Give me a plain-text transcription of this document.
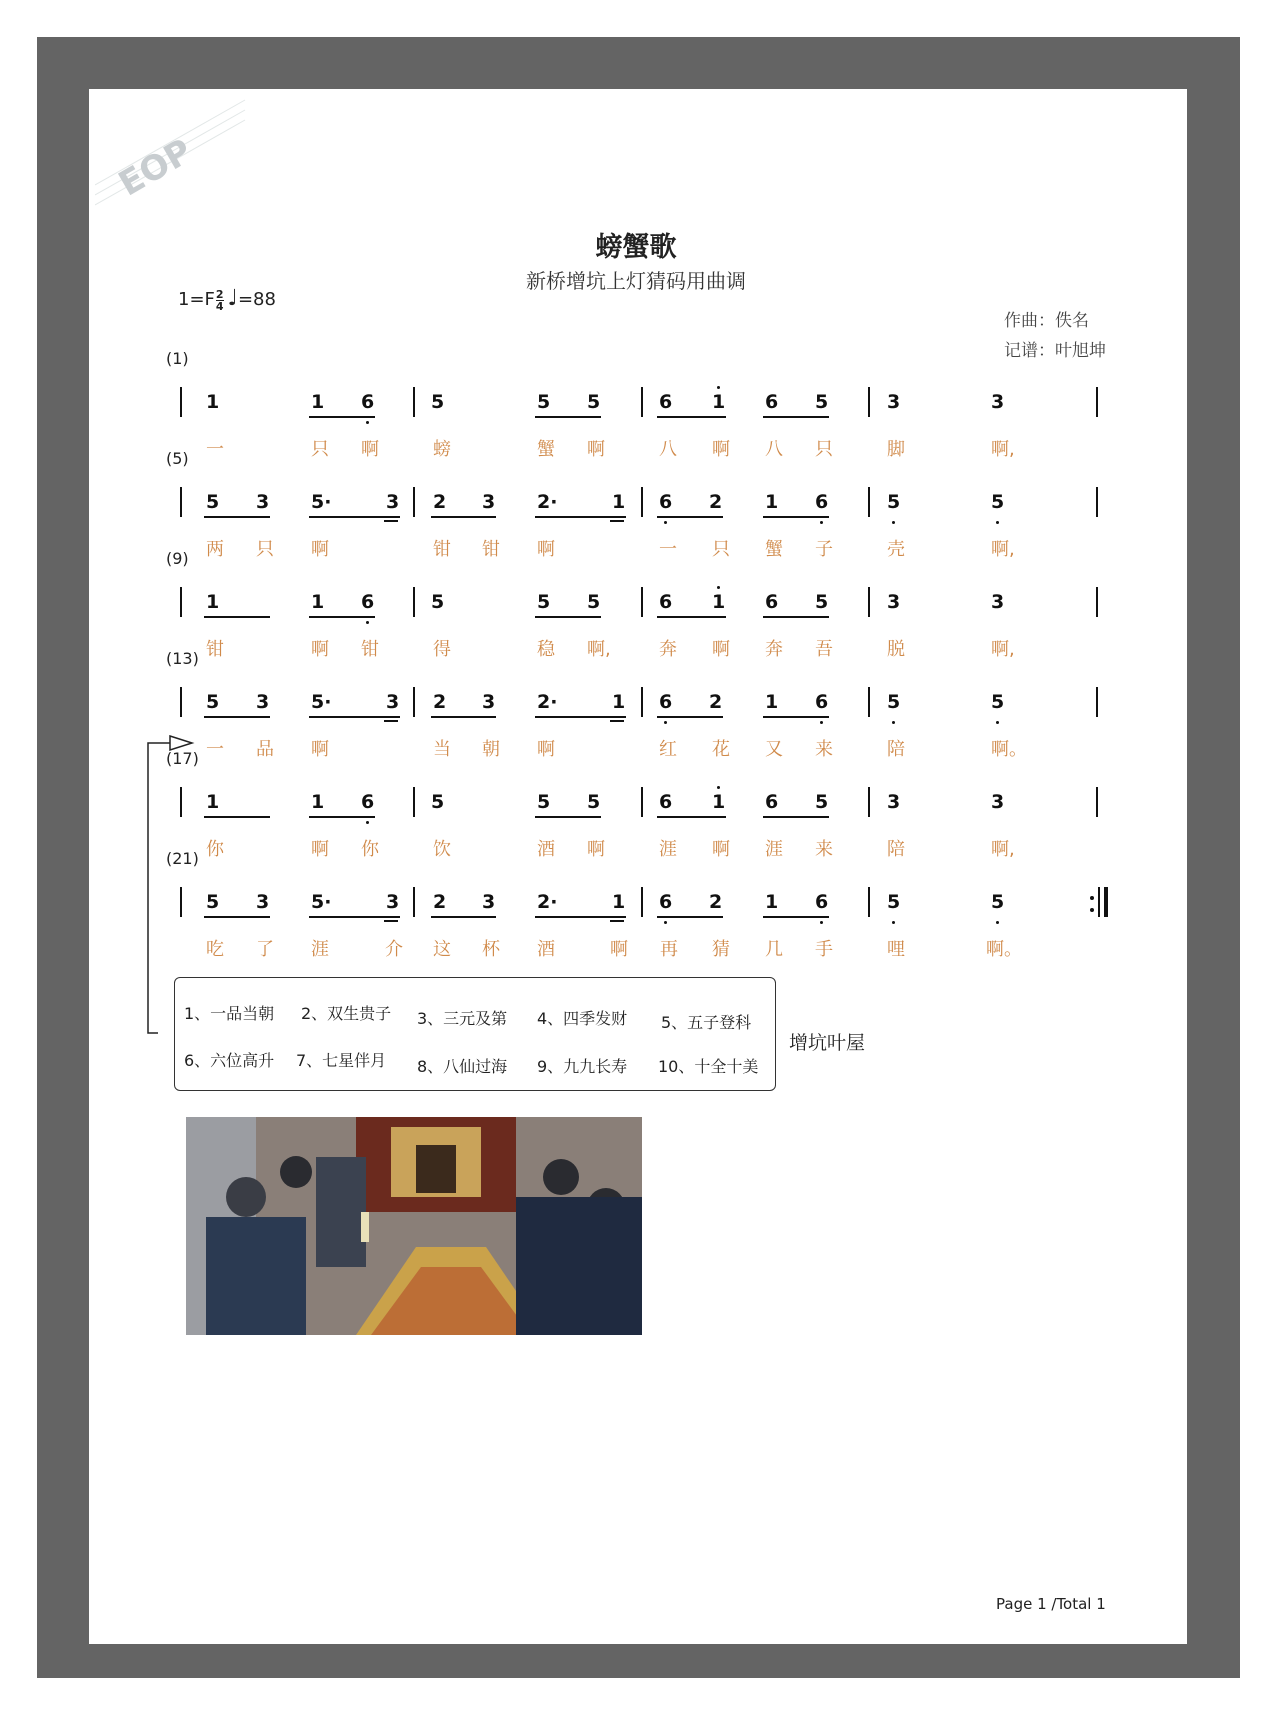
EOP
螃蟹歌
新桥增坑上灯猜码用曲调
$1=F \frac{2}{4}$ ♩=88
作曲：佚名
记谱：叶旭坤
(1)
1	1 6	5	5 5	6 1 6 5	3	3
一	只 啊	螃	蟹 啊	八 啊 八 只	脚	啊,
(5)
5 3 5·	3 2 3 2·	1 6 2 1 6	5	5
两 只 啊	钳 钳 啊	一 只 蟹 子	壳	啊,
(9)
1	1 6	5	5 5	6 1 6 5	3	3
钳	啊 钳	得	稳 啊,	奔 啊 奔 吾	脱	啊,
(13)
5 3 5·	3 2 3 2·	1 6 2 1 6	5	5
一 品 啊	当 朝 啊	红 花 又 来	陪	啊。
(17)
1	1 6	5	5 5	6 1 6 5	3	3
你	啊 你	饮	酒 啊	涯 啊 涯 来	陪	啊,
(21)
5 3 5·	3 2 3 2·	1 6 2 1 6	5	5
吃 了 涯	介 这 杯 酒	啊 再 猜 几 手	哩	啊。
1、一品当朝 2、双生贵子 3、三元及第 4、四季发财 5、五子登科
6、六位高升 7、七星伴月 8、八仙过海 9、九九长寿 10、十全十美
增坑叶屋
Page 1 /Total 1
